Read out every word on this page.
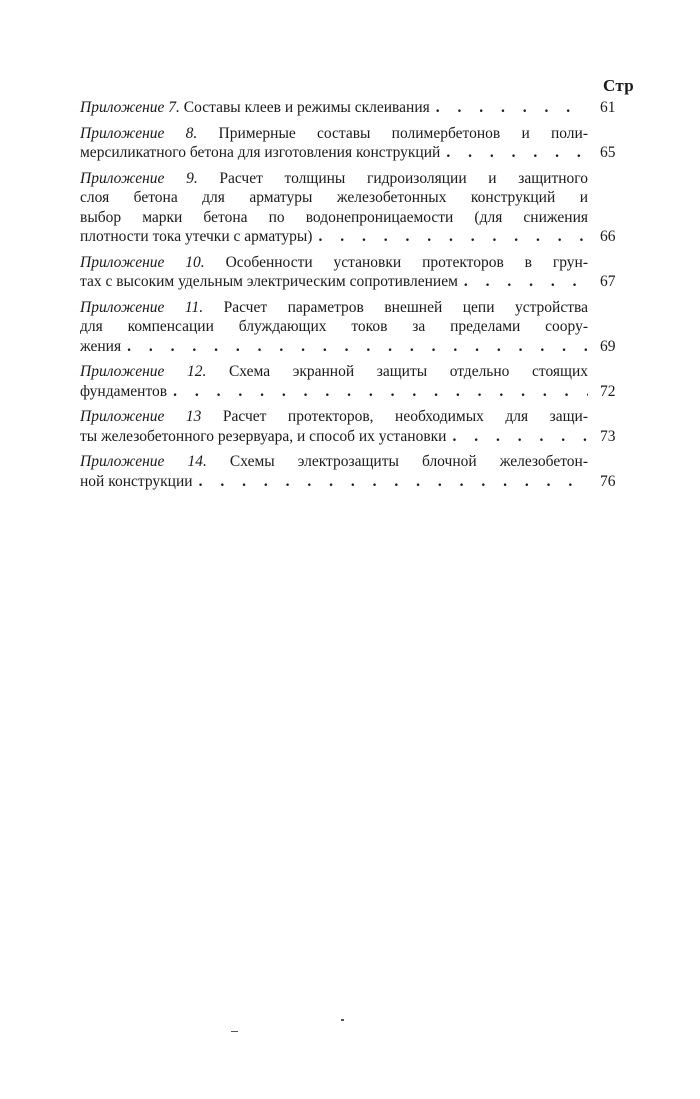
Стр
Приложение 7. Составы клеев и режимы склеивания . . .	61
Приложение 8. Примерные составы полимербетонов и поли-
мерсиликатного бетона для изготовления конструкций . . .	65
Приложение 9. Расчет толщины гидроизоляции и защитного
слоя бетона для арматуры железобетонных конструкций и
выбор марки бетона по водонепроницаемости (для снижения
плотности тока утечки с арматуры) . . .	66
Приложение 10. Особенности установки протекторов в грун-
тах с высоким удельным электрическим сопротивлением . . .	67
Приложение 11. Расчет параметров внешней цепи устройства
для компенсации блуждающих токов за пределами соору-
жения . . .	69
Приложение 12. Схема экранной защиты отдельно стоящих
фундаментов . . .	72
Приложение 13 Расчет протекторов, необходимых для защи-
ты железобетонного резервуара, и способ их установки . . .	73
Приложение 14. Схемы электрозащиты блочной железобетон-
ной конструкции . . .	76
